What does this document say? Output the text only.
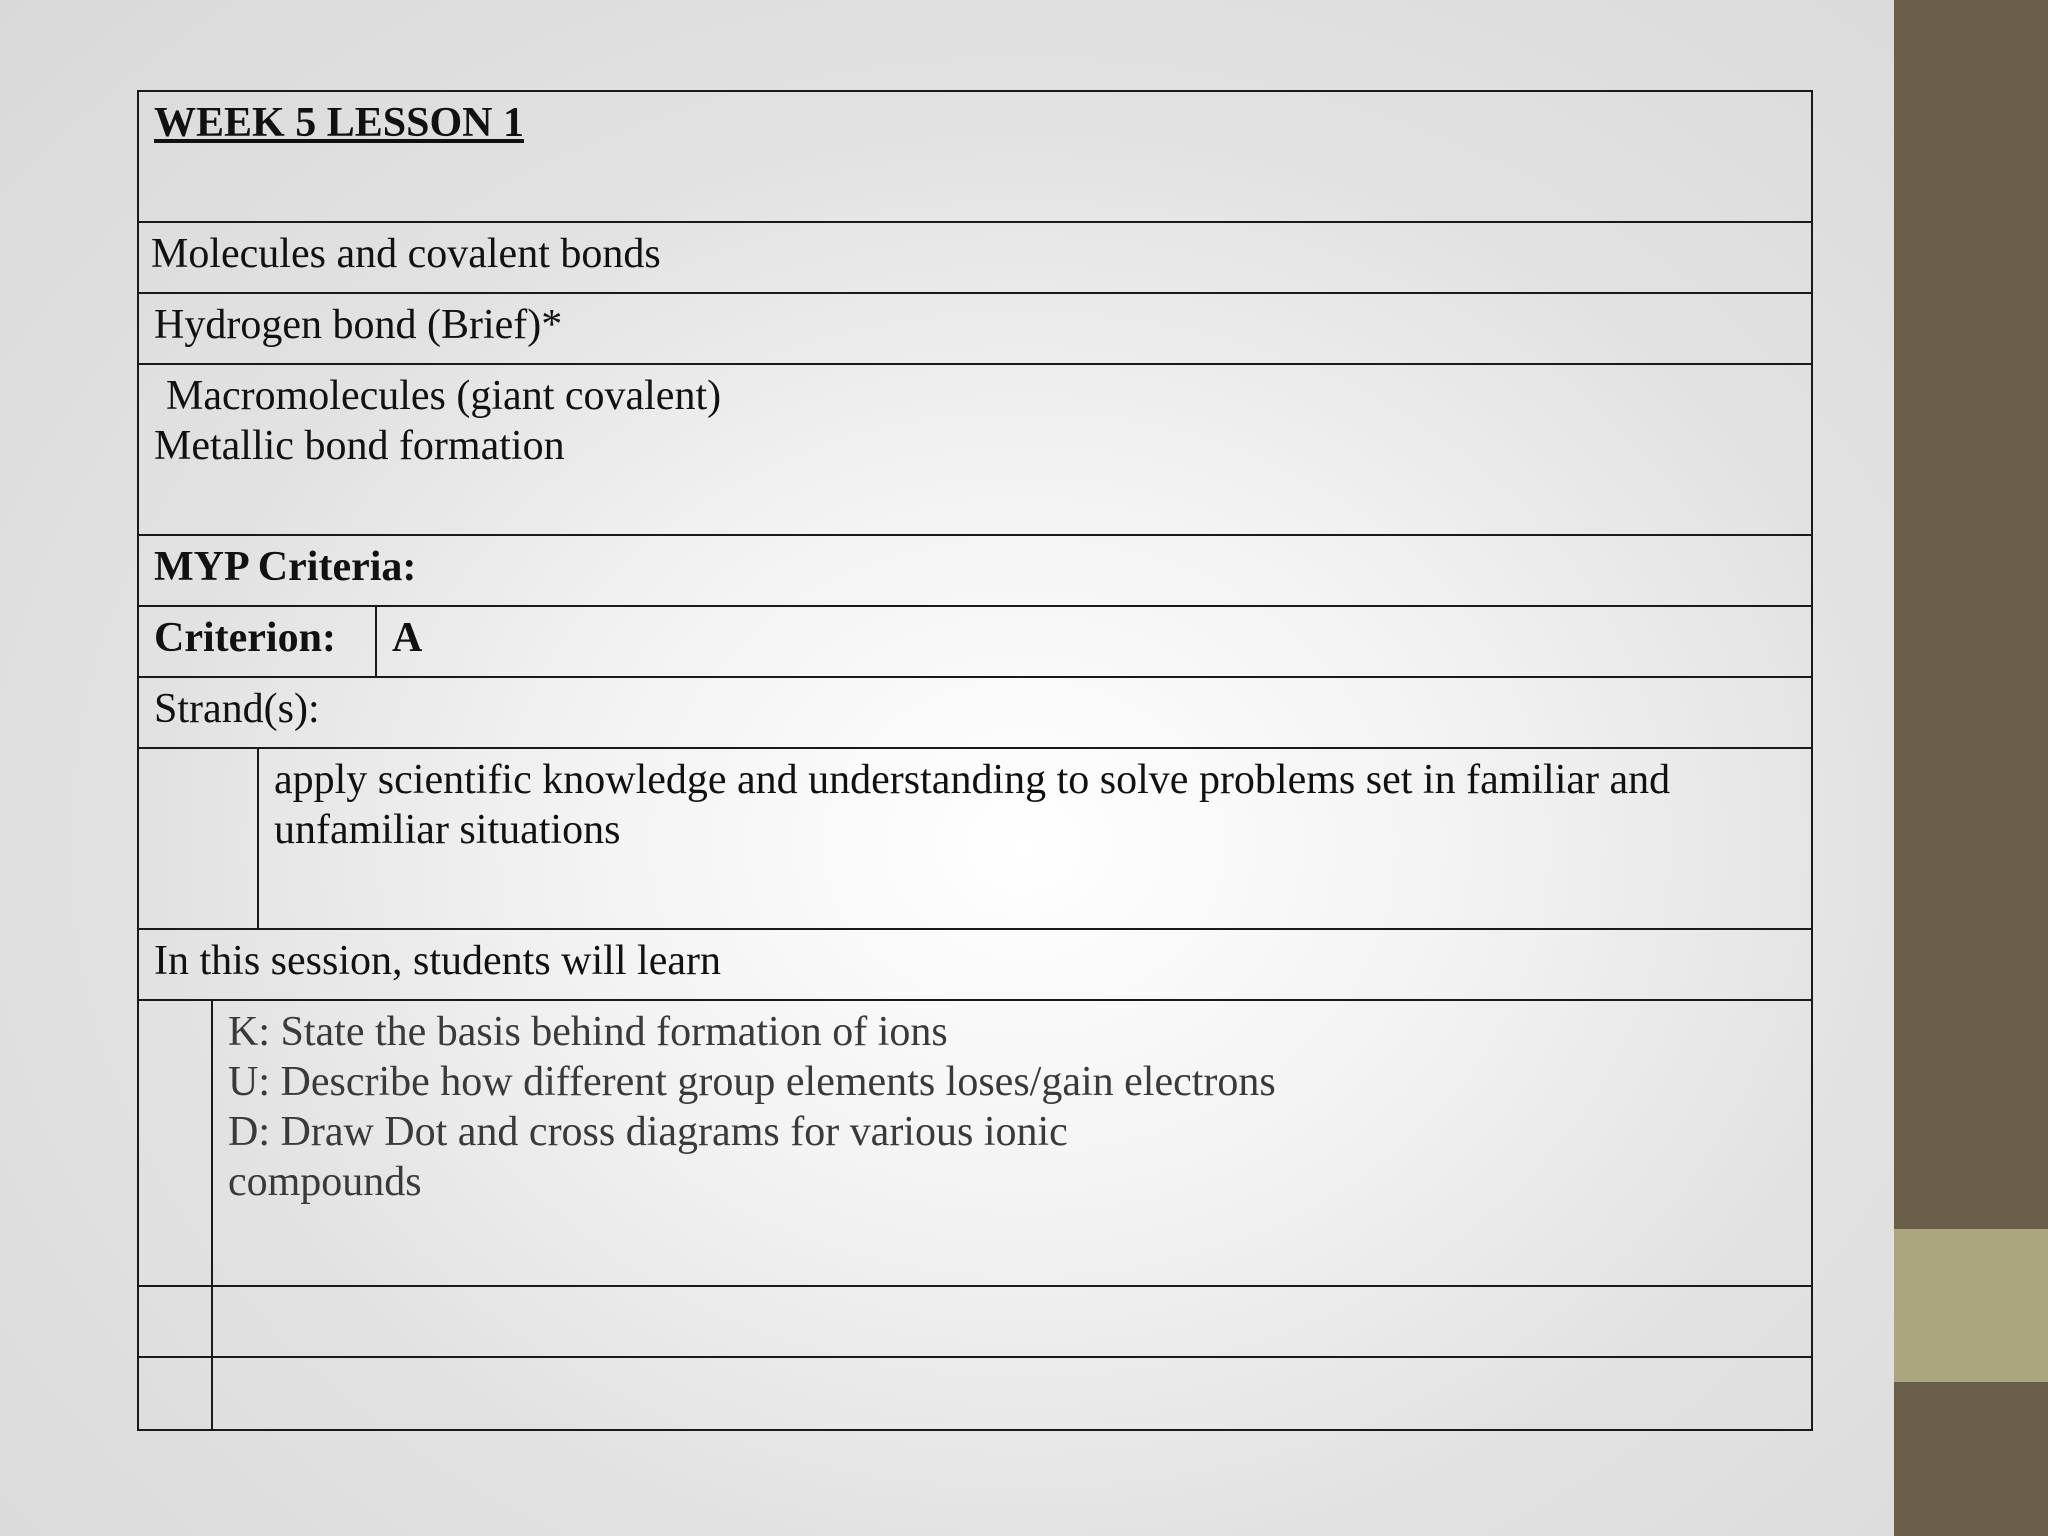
WEEK 5 LESSON 1
Molecules and covalent bonds
Hydrogen bond (Brief)*
Macromolecules (giant covalent)
Metallic bond formation
MYP Criteria:
Criterion:	A
Strand(s):
apply scientific knowledge and understanding to solve problems set in familiar and
unfamiliar situations
In this session, students will learn
K: State the basis behind formation of ions
U: Describe how different group elements loses/gain electrons
D: Draw Dot and cross diagrams for various ionic
compounds
